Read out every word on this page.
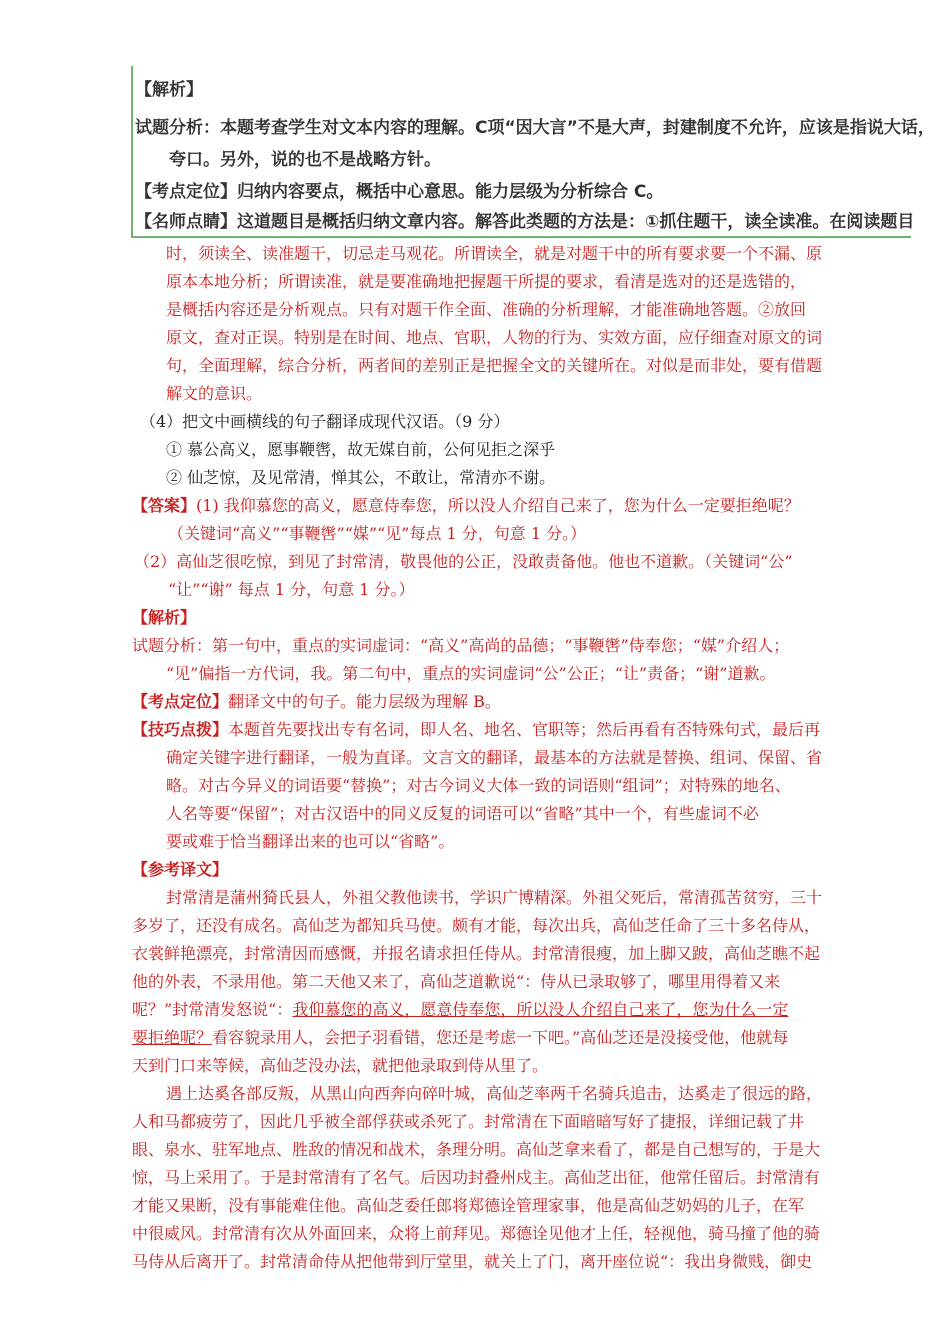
【解析】
试题分析：本题考查学生对文本内容的理解。C项“因大言”不是大声，封建制度不允许，应该是指说大话，
夸口。另外，说的也不是战略方针。
【考点定位】归纳内容要点，概括中心意思。能力层级为分析综合 C。
【名师点睛】这道题目是概括归纳文章内容。解答此类题的方法是：①抓住题干，读全读准。在阅读题目
时，须读全、读准题干，切忌走马观花。所谓读全，就是对题干中的所有要求要一个不漏、原
原本本地分析；所谓读准，就是要准确地把握题干所提的要求，看清是选对的还是选错的，
是概括内容还是分析观点。只有对题干作全面、准确的分析理解，才能准确地答题。②放回
原文，查对正误。特别是在时间、地点、官职，人物的行为、实效方面，应仔细查对原文的词
句，全面理解，综合分析，两者间的差别正是把握全文的关键所在。对似是而非处，要有借题
解文的意识。
（4）把文中画横线的句子翻译成现代汉语。（9 分）
① 慕公高义，愿事鞭辔，故无媒自前，公何见拒之深乎
② 仙芝惊，及见常清，惮其公，不敢让，常清亦不谢。
【答案】(1) 我仰慕您的高义，愿意侍奉您，所以没人介绍自己来了，您为什么一定要拒绝呢？
（关键词“高义”“事鞭辔”“媒”“见”每点 1 分，句意 1 分。）
（2）高仙芝很吃惊，到见了封常清，敬畏他的公正，没敢责备他。他也不道歉。（关键词“公”
“让”“谢” 每点 1 分，句意 1 分。）
【解析】
试题分析：第一句中，重点的实词虚词：“高义”高尚的品德；“事鞭辔”侍奉您；“媒”介绍人；
“见”偏指一方代词，我。第二句中，重点的实词虚词“公”公正；“让”责备；“谢”道歉。
【考点定位】翻译文中的句子。能力层级为理解 B。
【技巧点拨】本题首先要找出专有名词，即人名、地名、官职等；然后再看有否特殊句式，最后再
确定关键字进行翻译，一般为直译。文言文的翻译，最基本的方法就是替换、组词、保留、省
略。对古今异义的词语要“替换”；对古今词义大体一致的词语则“组词”；对特殊的地名、
人名等要“保留”；对古汉语中的同义反复的词语可以“省略”其中一个，有些虚词不必
要或难于恰当翻译出来的也可以“省略”。
【参考译文】
封常清是蒲州猗氏县人，外祖父教他读书，学识广博精深。外祖父死后，常清孤苦贫穷，三十
多岁了，还没有成名。高仙芝为都知兵马使。颇有才能，每次出兵，高仙芝任命了三十多名侍从，
衣裳鲜艳漂亮，封常清因而感慨，并报名请求担任侍从。封常清很瘦，加上脚又跛，高仙芝瞧不起
他的外表，不录用他。第二天他又来了，高仙芝道歉说“：侍从已录取够了，哪里用得着又来
呢？”封常清发怒说“：我仰慕您的高义，愿意侍奉您，所以没人介绍自己来了，您为什么一定
要拒绝呢？看容貌录用人，会把子羽看错，您还是考虑一下吧。”高仙芝还是没接受他，他就每
天到门口来等候，高仙芝没办法，就把他录取到侍从里了。
遇上达奚各部反叛，从黑山向西奔向碎叶城，高仙芝率两千名骑兵追击，达奚走了很远的路，
人和马都疲劳了，因此几乎被全部俘获或杀死了。封常清在下面暗暗写好了捷报，详细记载了井
眼、泉水、驻军地点、胜敌的情况和战术，条理分明。高仙芝拿来看了，都是自己想写的，于是大
惊，马上采用了。于是封常清有了名气。后因功封叠州戍主。高仙芝出征，他常任留后。封常清有
才能又果断，没有事能难住他。高仙芝委任郎将郑德诠管理家事，他是高仙芝奶妈的儿子，在军
中很威风。封常清有次从外面回来，众将上前拜见。郑德诠见他才上任，轻视他，骑马撞了他的骑
马侍从后离开了。封常清命侍从把他带到厅堂里，就关上了门，离开座位说“：我出身微贱，御史
